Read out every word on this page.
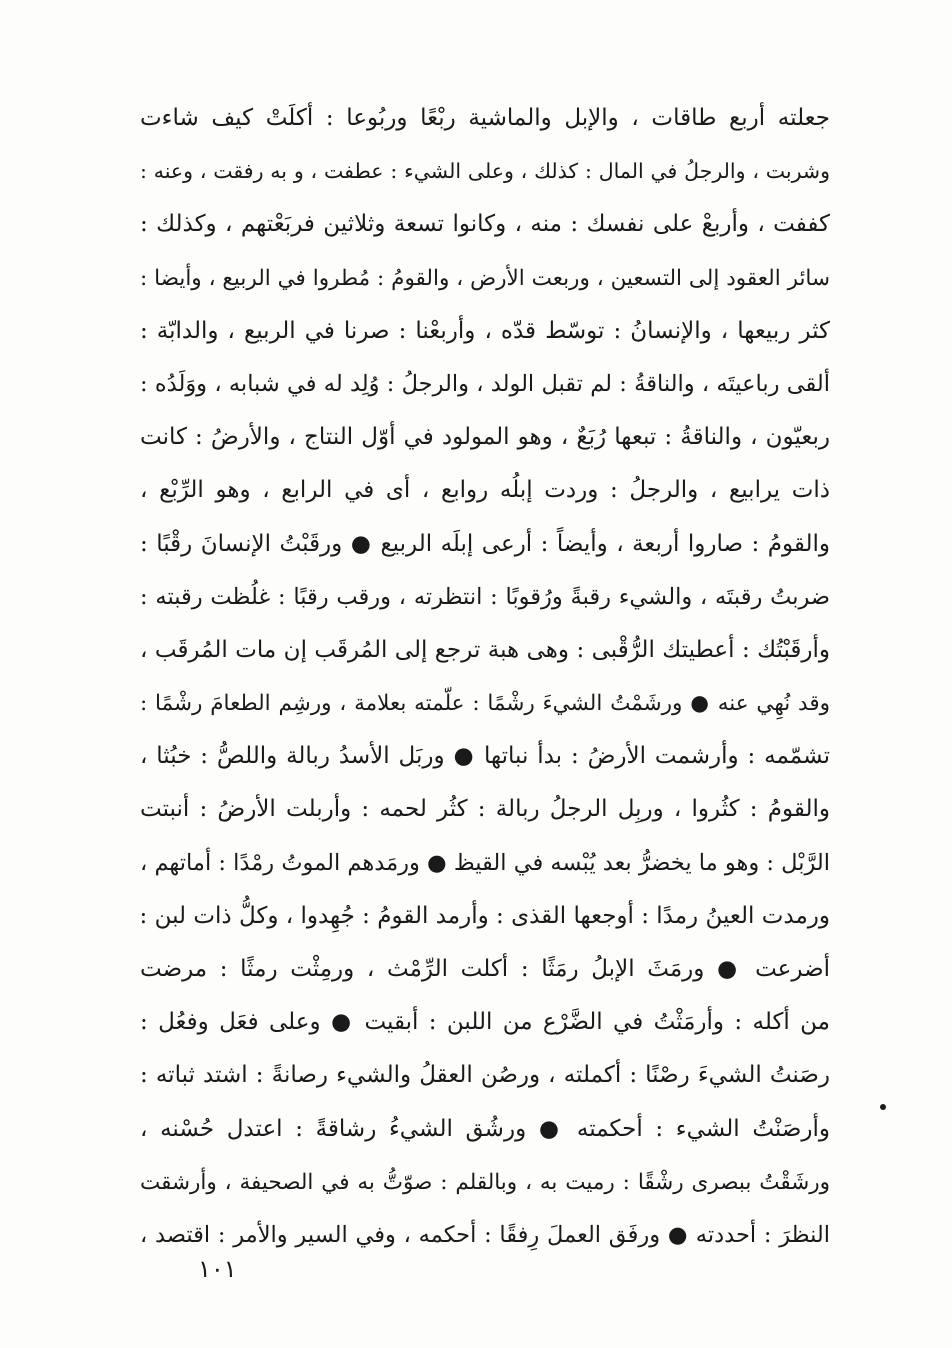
جعلته أربع طاقات ، والإبل والماشية ربْعًا وربُوعا : أكلَتْ كيف شاءت
وشربت ، والرجلُ في المال : كذلك ، وعلى الشيء : عطفت ، و به رفقت ، وعنه :
كففت ، وأربعْ على نفسك : منه ، وكانوا تسعة وثلاثين فربَعْتهم ، وكذلك :
سائر العقود إلى التسعين ، وربعت الأرض ، والقومُ : مُطروا في الربيع ، وأيضا :
كثر ربيعها ، والإنسانُ : توسّط قدّه ، وأربعْنا : صرنا في الربيع ، والدابّة :
ألقى رباعيتَه ، والناقةُ : لم تقبل الولد ، والرجلُ : وُلِد له في شبابه ، ووَلَدُه :
ربعيّون ، والناقةُ : تبعها رُبَعٌ ، وهو المولود في أوّل النتاج ، والأرضُ : كانت
ذات يرابيع ، والرجلُ : وردت إبلُه روابع ، أى في الرابع ، وهو الرِّبْع ،
والقومُ : صاروا أربعة ، وأيضاً : أرعى إبلَه الربيع ● ورقَبْتُ الإنسانَ رقْبًا :
ضربتُ رقبتَه ، والشيء رقبةً ورُقوبًا : انتظرته ، ورقب رقبًا : غلُظت رقبته :
وأرقَبْتُك : أعطيتك الرُّقْبى : وهى هبة ترجع إلى المُرقَب إن مات المُرقَب ،
وقد نُهِي عنه ● ورشَمْتُ الشيءَ رشْمًا : علّمته بعلامة ، ورشِم الطعامَ رشْمًا :
تشمّمه : وأرشمت الأرضُ : بدأ نباتها ● وربَل الأسدُ ربالة واللصُّ : خبُثا ،
والقومُ : كثُروا ، وربِل الرجلُ ربالة : كثُر لحمه : وأربلت الأرضُ : أنبتت
الرَّبْل : وهو ما يخضرُّ بعد يُبْسه في القيظ ● ورمَدهم الموتُ رمْدًا : أماتهم ،
ورمدت العينُ رمدًا : أوجعها القذى : وأرمد القومُ : جُهِدوا ، وكلُّ ذات لبن :
أضرعت ● ورمَثَ الإبلُ رمَثًا : أكلت الرِّمْث ، ورمِثْت رمثًا : مرضت
من أكله : وأرمَثْتُ في الضَّرْع من اللبن : أبقيت ● وعلى فعَل وفعُل :
رصَنتُ الشيءَ رصْنًا : أكملته ، ورصُن العقلُ والشيء رصانةً : اشتد ثباته :
وأرصَنْتُ الشيء : أحكمته ● ورشُق الشيءُ رشاقةً : اعتدل حُسْنه ،
ورشَقْتُ ببصرى رشْقًا : رميت به ، وبالقلم : صوّتُّ به في الصحيفة ، وأرشقت
النظرَ : أحددته ● ورفَق العملَ رِفقًا : أحكمه ، وفي السير والأمر : اقتصد ،
١٠١
